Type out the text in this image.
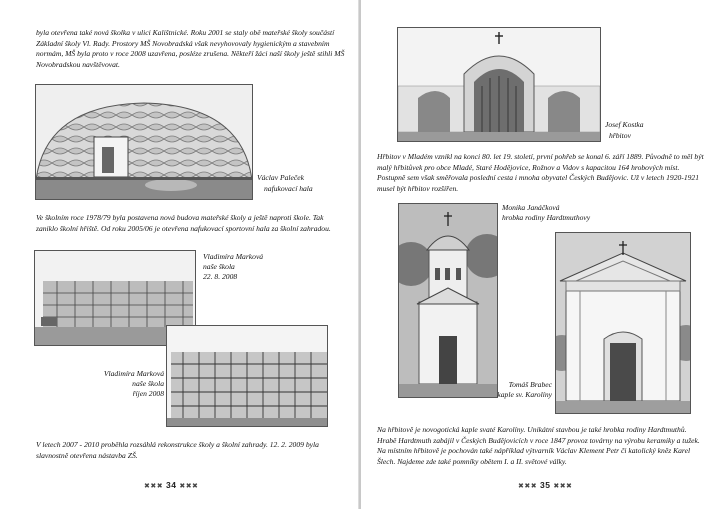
byla otevřena také nová školka v ulici Kalištnické. Roku 2001 se staly obě mateřské školy součástí Základní školy Vl. Rady. Prostory MŠ Novobradská však nevyhovovaly hygienickým a stavebním normám, MŠ byla proto v roce 2008 uzavřena, posléze zrušena. Někteří žáci naší školy ještě stihli MŠ Novobradskou navštěvovat.

Václav Paleček

nafukovací hala

Ve školním roce 1978/79 byla postavena nová budova mateřské školy a ještě naproti škole. Tak zaniklo školní hřiště. Od roku 2005/06 je otevřena nafukovací sportovní hala za školní zahradou.

Vladimíra Marková

naše škola

22. 8. 2008

Vladimíra Marková

naše škola

říjen 2008

V letech 2007 - 2010 proběhla rozsáhlá rekonstrukce školy a školní zahrady. 12. 2. 2009 byla slavnostně otevřena nástavba ZŠ.

✖✖✖ 34 ✖✖✖

Josef Kostka

hřbitov

Hřbitov v Mladém vznikl na konci 80. let 19. století, první pohřeb se konal 6. září 1889. Původně to měl být malý hřbitůvek pro obce Mladé, Staré Hodějovice, Rožnov a Vidov s kapacitou 164 hrobových míst. Postupně sem však směřovala poslední cesta i mnoha obyvatel Českých Budějovic. Už v letech 1920-1921 musel být hřbitov rozšířen.

Monika Janáčková

hrobka rodiny Hardtmuthovy

Tomáš Brabec

kaple sv. Karolíny

Na hřbitově je novogotická kaple svaté Karolíny. Unikátní stavbou je také hrobka rodiny Hardtmuthů. Hrabě Hardtmuth zabájil v Českých Budějovicích v roce 1847 provoz továrny na výrobu keramiky a tužek. Na místním hřbitově je pochován také nápříklad výtvarník Václav Klement Petr či katolický kněz Karel Šlech. Najdeme zde také pomníky obětem I. a II. světové války.

✖✖✖ 35 ✖✖✖
